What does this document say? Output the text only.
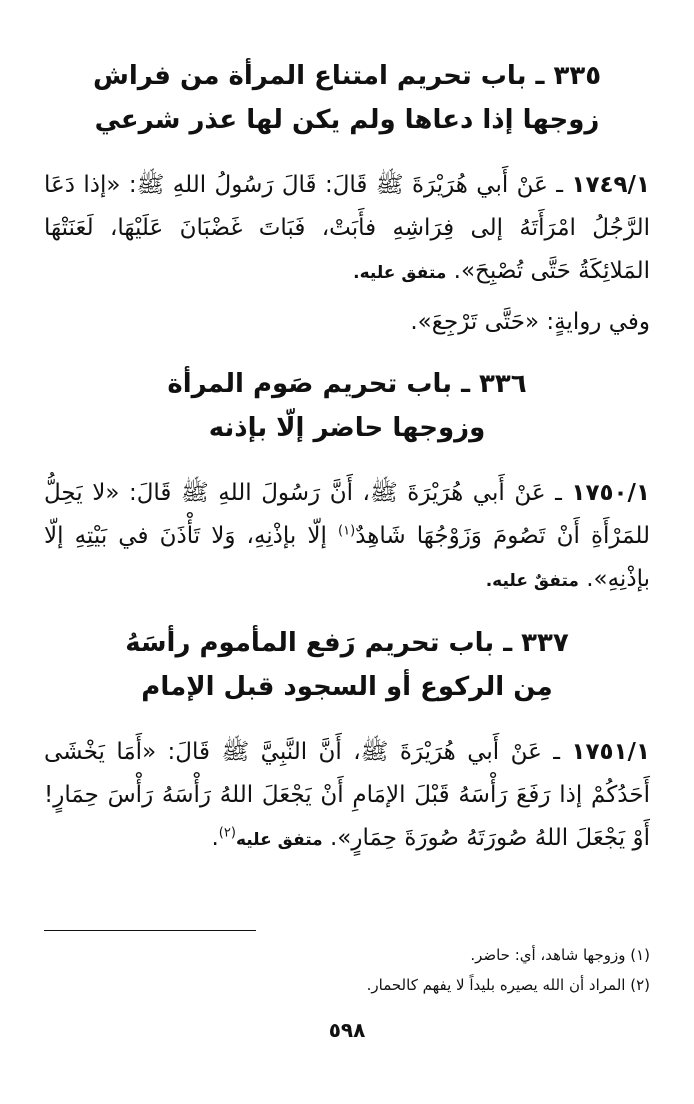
٣٣٥ ـ باب تحريم امتناع المرأة من فراش
زوجها إذا دعاها ولم يكن لها عذر شرعي

١٧٤٩/١ ـ عَنْ أَبي هُرَيْرَةَ ﷺ قَالَ: قَالَ رَسُولُ اللهِ ﷺ: «إذا دَعَا الرَّجُلُ امْرَأَتَهُ إلى فِرَاشِهِ فأَبَتْ، فَبَاتَ غَضْبَانَ عَلَيْهَا، لَعَنَتْهَا المَلائِكَةُ حَتَّى تُصْبِحَ». متفق عليه.

وفي روايةٍ: «حَتَّى تَرْجِعَ».

٣٣٦ ـ باب تحريم صَوم المرأة
وزوجها حاضر إلّا بإذنه

١٧٥٠/١ ـ عَنْ أَبي هُرَيْرَةَ ﷺ، أَنَّ رَسُولَ اللهِ ﷺ قَالَ: «لا يَحِلُّ للمَرْأَةِ أَنْ تَصُومَ وَزَوْجُهَا شَاهِدٌ$^{(١)}$ إلّا بإذْنِهِ، وَلا تَأْذَنَ في بَيْتِهِ إلّا بإذْنِهِ». متفقٌ عليه.

٣٣٧ ـ باب تحريم رَفع المأموم رأسَهُ
مِن الركوع أو السجود قبل الإمام

١٧٥١/١ ـ عَنْ أَبي هُرَيْرَةَ ﷺ، أَنَّ النَّبِيَّ ﷺ قَالَ: «أَمَا يَخْشَى أَحَدُكُمْ إذا رَفَعَ رَأْسَهُ قَبْلَ الإمَامِ أَنْ يَجْعَلَ اللهُ رَأْسَهُ رَأْسَ حِمَارٍ! أَوْ يَجْعَلَ اللهُ صُورَتَهُ صُورَةَ حِمَارٍ». متفق عليه$^{(٢)}$.

(١) وزوجها شاهد، أي: حاضر.

(٢) المراد أن الله يصيره بليداً لا يفهم كالحمار.

٥٩٨
